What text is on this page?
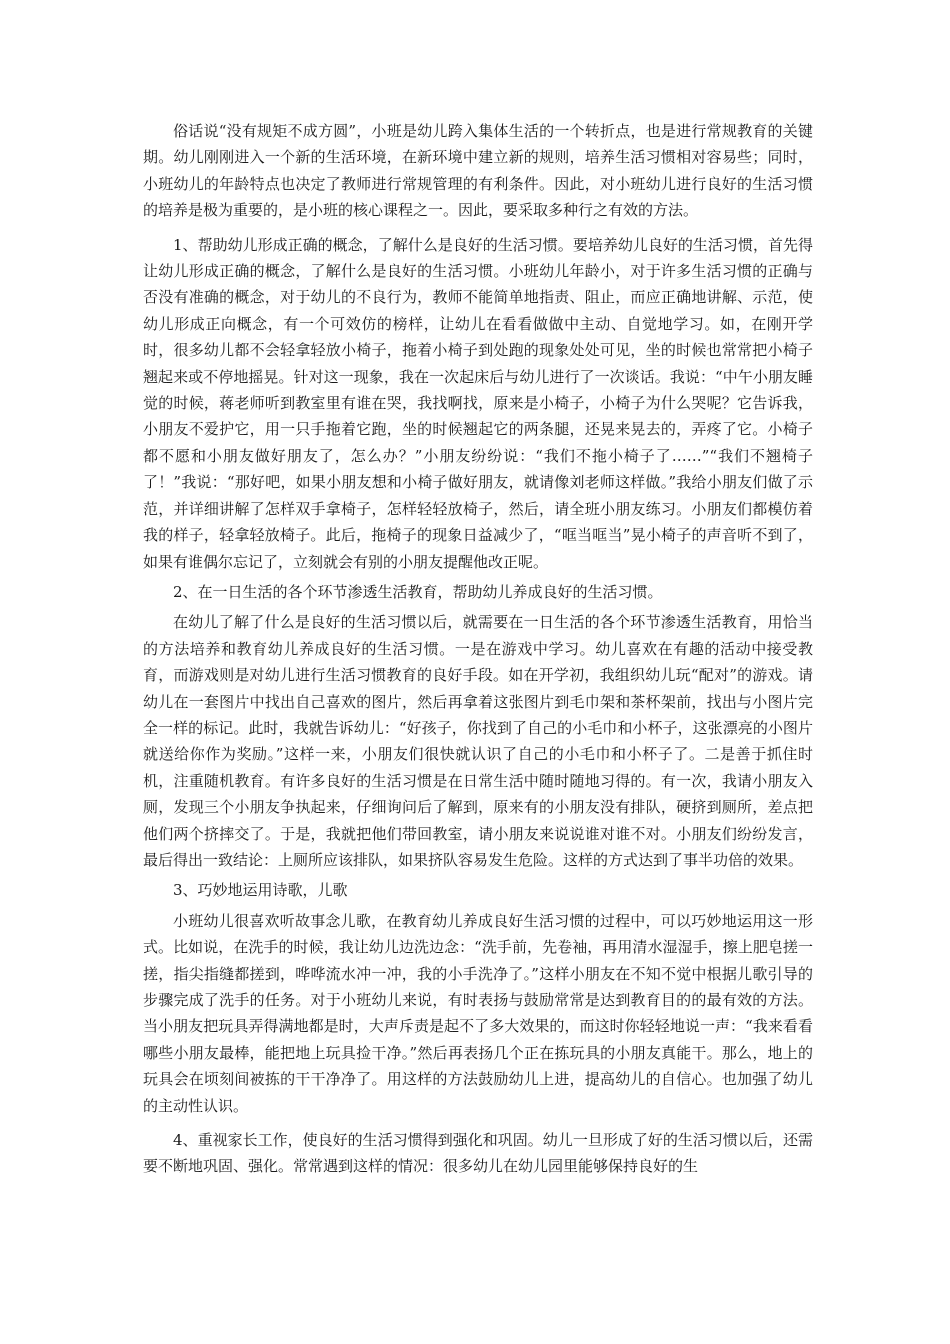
俗话说“没有规矩不成方圆”，小班是幼儿跨入集体生活的一个转折点，也是进行常规教育的关键期。幼儿刚刚进入一个新的生活环境，在新环境中建立新的规则，培养生活习惯相对容易些；同时，小班幼儿的年龄特点也决定了教师进行常规管理的有利条件。因此，对小班幼儿进行良好的生活习惯的培养是极为重要的，是小班的核心课程之一。因此，要采取多种行之有效的方法。

1、帮助幼儿形成正确的概念，了解什么是良好的生活习惯。要培养幼儿良好的生活习惯，首先得让幼儿形成正确的概念，了解什么是良好的生活习惯。小班幼儿年龄小，对于许多生活习惯的正确与否没有准确的概念，对于幼儿的不良行为，教师不能简单地指责、阻止，而应正确地讲解、示范，使幼儿形成正向概念，有一个可效仿的榜样，让幼儿在看看做做中主动、自觉地学习。如，在刚开学时，很多幼儿都不会轻拿轻放小椅子，拖着小椅子到处跑的现象处处可见，坐的时候也常常把小椅子翘起来或不停地摇晃。针对这一现象，我在一次起床后与幼儿进行了一次谈话。我说：“中午小朋友睡觉的时候，蒋老师听到教室里有谁在哭，我找啊找，原来是小椅子，小椅子为什么哭呢？它告诉我，小朋友不爱护它，用一只手拖着它跑，坐的时候翘起它的两条腿，还晃来晃去的，弄疼了它。小椅子都不愿和小朋友做好朋友了，怎么办？”小朋友纷纷说：“我们不拖小椅子了……”“我们不翘椅子了！”我说：“那好吧，如果小朋友想和小椅子做好朋友，就请像刘老师这样做。”我给小朋友们做了示范，并详细讲解了怎样双手拿椅子，怎样轻轻放椅子，然后，请全班小朋友练习。小朋友们都模仿着我的样子，轻拿轻放椅子。此后，拖椅子的现象日益减少了，“哐当哐当”晃小椅子的声音听不到了，如果有谁偶尔忘记了，立刻就会有别的小朋友提醒他改正呢。

2、在一日生活的各个环节渗透生活教育，帮助幼儿养成良好的生活习惯。

在幼儿了解了什么是良好的生活习惯以后，就需要在一日生活的各个环节渗透生活教育，用恰当的方法培养和教育幼儿养成良好的生活习惯。一是在游戏中学习。幼儿喜欢在有趣的活动中接受教育，而游戏则是对幼儿进行生活习惯教育的良好手段。如在开学初，我组织幼儿玩“配对”的游戏。请幼儿在一套图片中找出自己喜欢的图片，然后再拿着这张图片到毛巾架和茶杯架前，找出与小图片完全一样的标记。此时，我就告诉幼儿：“好孩子，你找到了自己的小毛巾和小杯子，这张漂亮的小图片就送给你作为奖励。”这样一来，小朋友们很快就认识了自己的小毛巾和小杯子了。二是善于抓住时机，注重随机教育。有许多良好的生活习惯是在日常生活中随时随地习得的。有一次，我请小朋友入厕，发现三个小朋友争执起来，仔细询问后了解到，原来有的小朋友没有排队，硬挤到厕所，差点把他们两个挤摔交了。于是，我就把他们带回教室，请小朋友来说说谁对谁不对。小朋友们纷纷发言，最后得出一致结论：上厕所应该排队，如果挤队容易发生危险。这样的方式达到了事半功倍的效果。

3、巧妙地运用诗歌，儿歌

小班幼儿很喜欢听故事念儿歌，在教育幼儿养成良好生活习惯的过程中，可以巧妙地运用这一形式。比如说，在洗手的时候，我让幼儿边洗边念：“洗手前，先卷袖，再用清水湿湿手，擦上肥皂搓一搓，指尖指缝都搓到，哗哗流水冲一冲，我的小手洗净了。”这样小朋友在不知不觉中根据儿歌引导的步骤完成了洗手的任务。对于小班幼儿来说，有时表扬与鼓励常常是达到教育目的的最有效的方法。当小朋友把玩具弄得满地都是时，大声斥责是起不了多大效果的，而这时你轻轻地说一声：“我来看看哪些小朋友最棒，能把地上玩具捡干净。”然后再表扬几个正在拣玩具的小朋友真能干。那么，地上的玩具会在顷刻间被拣的干干净净了。用这样的方法鼓励幼儿上进，提高幼儿的自信心。也加强了幼儿的主动性认识。

4、重视家长工作，使良好的生活习惯得到强化和巩固。幼儿一旦形成了好的生活习惯以后，还需要不断地巩固、强化。常常遇到这样的情况：很多幼儿在幼儿园里能够保持良好的生
